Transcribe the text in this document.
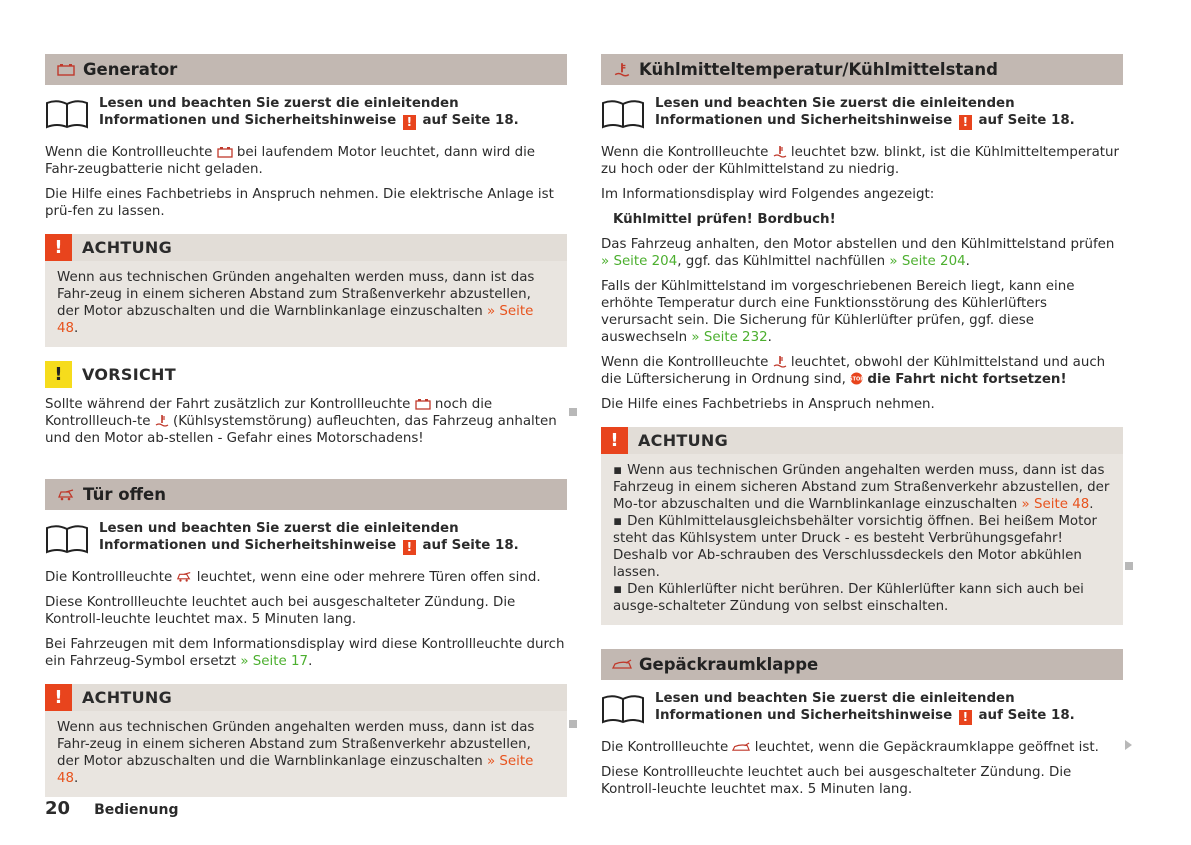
Generator
Lesen und beachten Sie zuerst die einleitenden Informationen und Sicherheitshinweise ! auf Seite 18.

Wenn die Kontrollleuchte bei laufendem Motor leuchtet, dann wird die Fahr-zeugbatterie nicht geladen.

Die Hilfe eines Fachbetriebs in Anspruch nehmen. Die elektrische Anlage ist prü-fen zu lassen.

!	ACHTUNG
Wenn aus technischen Gründen angehalten werden muss, dann ist das Fahr-zeug in einem sicheren Abstand zum Straßenverkehr abzustellen, der Motor abzuschalten und die Warnblinkanlage einzuschalten » Seite 48.
!	VORSICHT

Sollte während der Fahrt zusätzlich zur Kontrollleuchte noch die Kontrollleuch-te (Kühlsystemstörung) aufleuchten, das Fahrzeug anhalten und den Motor ab-stellen - Gefahr eines Motorschadens!

Tür offen
Lesen und beachten Sie zuerst die einleitenden Informationen und Sicherheitshinweise ! auf Seite 18.

Die Kontrollleuchte leuchtet, wenn eine oder mehrere Türen offen sind.

Diese Kontrollleuchte leuchtet auch bei ausgeschalteter Zündung. Die Kontroll-leuchte leuchtet max. 5 Minuten lang.

Bei Fahrzeugen mit dem Informationsdisplay wird diese Kontrollleuchte durch ein Fahrzeug-Symbol ersetzt » Seite 17.

!	ACHTUNG
Wenn aus technischen Gründen angehalten werden muss, dann ist das Fahr-zeug in einem sicheren Abstand zum Straßenverkehr abzustellen, der Motor abzuschalten und die Warnblinkanlage einzuschalten » Seite 48.
Kühlmitteltemperatur/Kühlmittelstand
Lesen und beachten Sie zuerst die einleitenden Informationen und Sicherheitshinweise ! auf Seite 18.

Wenn die Kontrollleuchte leuchtet bzw. blinkt, ist die Kühlmitteltemperatur zu hoch oder der Kühlmittelstand zu niedrig.

Im Informationsdisplay wird Folgendes angezeigt:

Kühlmittel prüfen! Bordbuch!

Das Fahrzeug anhalten, den Motor abstellen und den Kühlmittelstand prüfen » Seite 204, ggf. das Kühlmittel nachfüllen » Seite 204.

Falls der Kühlmittelstand im vorgeschriebenen Bereich liegt, kann eine erhöhte Temperatur durch eine Funktionsstörung des Kühlerlüfters verursacht sein. Die Sicherung für Kühlerlüfter prüfen, ggf. diese auswechseln » Seite 232.

Wenn die Kontrollleuchte leuchtet, obwohl der Kühlmittelstand und auch die Lüftersicherung in Ordnung sind, STOP die Fahrt nicht fortsetzen!

Die Hilfe eines Fachbetriebs in Anspruch nehmen.

!	ACHTUNG
▪ Wenn aus technischen Gründen angehalten werden muss, dann ist das Fahrzeug in einem sicheren Abstand zum Straßenverkehr abzustellen, der Mo-tor abzuschalten und die Warnblinkanlage einzuschalten » Seite 48.
▪ Den Kühlmittelausgleichsbehälter vorsichtig öffnen. Bei heißem Motor steht das Kühlsystem unter Druck - es besteht Verbrühungsgefahr! Deshalb vor Ab-schrauben des Verschlussdeckels den Motor abkühlen lassen.
▪ Den Kühlerlüfter nicht berühren. Der Kühlerlüfter kann sich auch bei ausge-schalteter Zündung von selbst einschalten.
Gepäckraumklappe
Lesen und beachten Sie zuerst die einleitenden Informationen und Sicherheitshinweise ! auf Seite 18.

Die Kontrollleuchte leuchtet, wenn die Gepäckraumklappe geöffnet ist.

Diese Kontrollleuchte leuchtet auch bei ausgeschalteter Zündung. Die Kontroll-leuchte leuchtet max. 5 Minuten lang.

20 Bedienung
